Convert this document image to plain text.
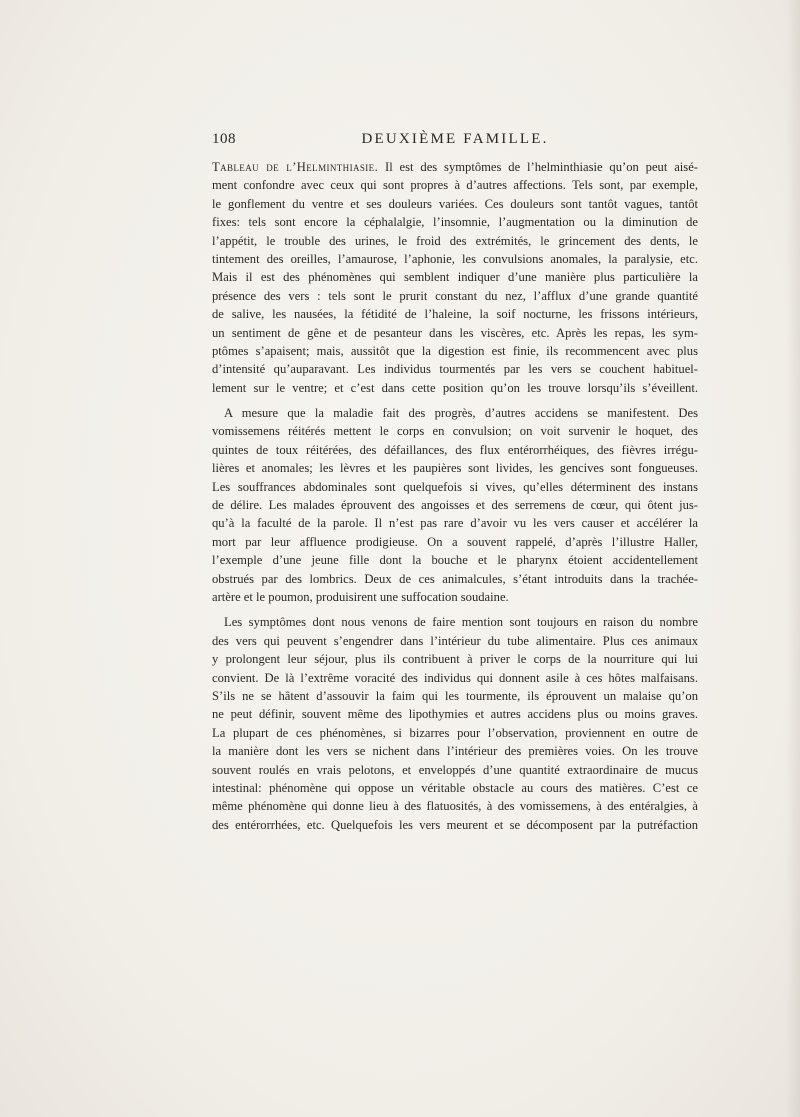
108	DEUXIÈME FAMILLE.
Tableau de l’Helminthiasie. Il est des symptômes de l’helminthiasie qu’on peut aisé-
ment confondre avec ceux qui sont propres à d’autres affections. Tels sont, par exemple,
le gonflement du ventre et ses douleurs variées. Ces douleurs sont tantôt vagues, tantôt
fixes: tels sont encore la céphalalgie, l’insomnie, l’augmentation ou la diminution de
l’appétit, le trouble des urines, le froid des extrémités, le grincement des dents, le
tintement des oreilles, l’amaurose, l’aphonie, les convulsions anomales, la paralysie, etc.
Mais il est des phénomènes qui semblent indiquer d’une manière plus particulière la
présence des vers : tels sont le prurit constant du nez, l’afflux d’une grande quantité
de salive, les nausées, la fétidité de l’haleine, la soif nocturne, les frissons intérieurs,
un sentiment de gêne et de pesanteur dans les viscères, etc. Après les repas, les sym-
ptômes s’apaisent; mais, aussitôt que la digestion est finie, ils recommencent avec plus
d’intensité qu’auparavant. Les individus tourmentés par les vers se couchent habituel-
lement sur le ventre; et c’est dans cette position qu’on les trouve lorsqu’ils s’éveillent.
A mesure que la maladie fait des progrès, d’autres accidens se manifestent. Des
vomissemens réitérés mettent le corps en convulsion; on voit survenir le hoquet, des
quintes de toux réitérées, des défaillances, des flux entérorrhéiques, des fièvres irrégu-
lières et anomales; les lèvres et les paupières sont livides, les gencives sont fongueuses.
Les souffrances abdominales sont quelquefois si vives, qu’elles déterminent des instans
de délire. Les malades éprouvent des angoisses et des serremens de cœur, qui ôtent jus-
qu’à la faculté de la parole. Il n’est pas rare d’avoir vu les vers causer et accélérer la
mort par leur affluence prodigieuse. On a souvent rappelé, d’après l’illustre Haller,
l’exemple d’une jeune fille dont la bouche et le pharynx étoient accidentellement
obstrués par des lombrics. Deux de ces animalcules, s’étant introduits dans la trachée-
artère et le poumon, produisirent une suffocation soudaine.
Les symptômes dont nous venons de faire mention sont toujours en raison du nombre
des vers qui peuvent s’engendrer dans l’intérieur du tube alimentaire. Plus ces animaux
y prolongent leur séjour, plus ils contribuent à priver le corps de la nourriture qui lui
convient. De là l’extrême voracité des individus qui donnent asile à ces hôtes malfaisans.
S’ils ne se hâtent d’assouvir la faim qui les tourmente, ils éprouvent un malaise qu’on
ne peut définir, souvent même des lipothymies et autres accidens plus ou moins graves.
La plupart de ces phénomènes, si bizarres pour l’observation, proviennent en outre de
la manière dont les vers se nichent dans l’intérieur des premières voies. On les trouve
souvent roulés en vrais pelotons, et enveloppés d’une quantité extraordinaire de mucus
intestinal: phénomène qui oppose un véritable obstacle au cours des matières. C’est ce
même phénomène qui donne lieu à des flatuosités, à des vomissemens, à des entéralgies, à
des entérorrhées, etc. Quelquefois les vers meurent et se décomposent par la putréfaction
